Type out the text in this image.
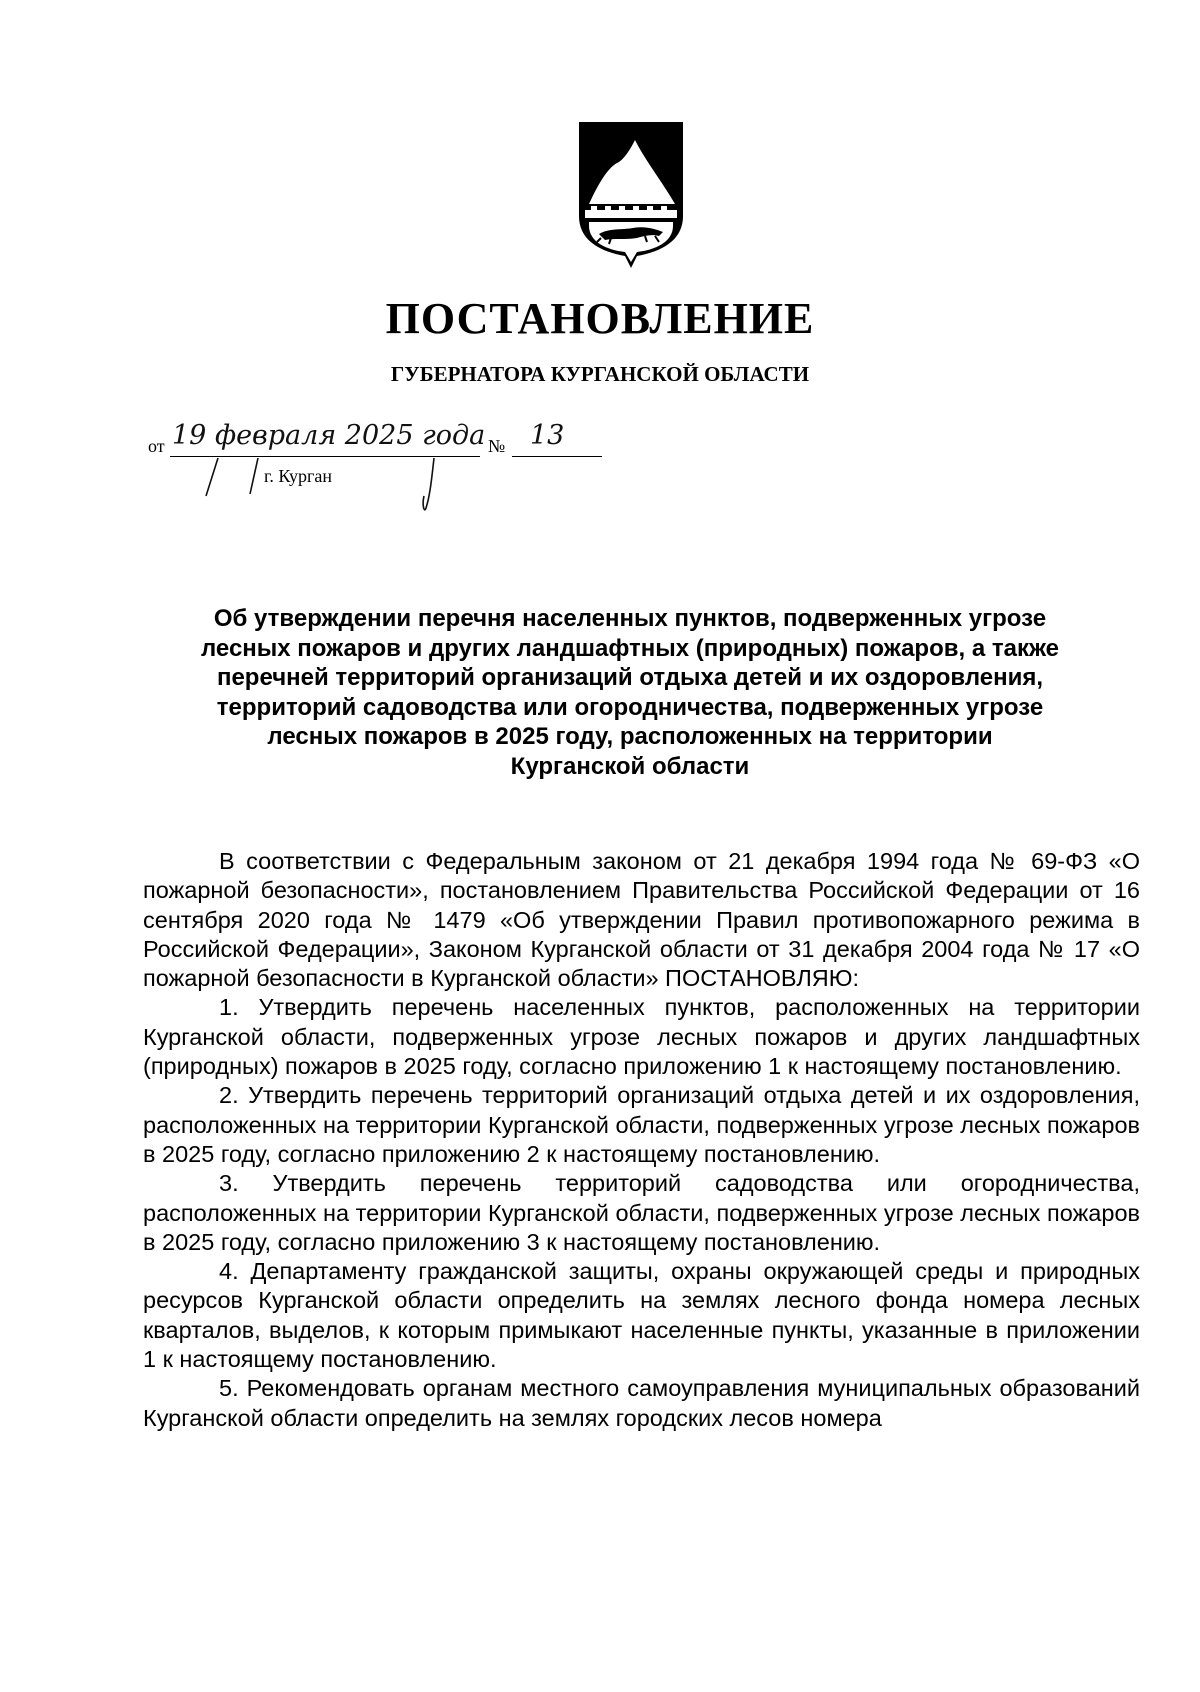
ПОСТАНОВЛЕНИЕ
ГУБЕРНАТОРА КУРГАНСКОЙ ОБЛАСТИ
от 19 февраля 2025 года № 13
г. Курган
Об утверждении перечня населенных пунктов, подверженных угрозе
лесных пожаров и других ландшафтных (природных) пожаров, а также
перечней территорий организаций отдыха детей и их оздоровления,
территорий садоводства или огородничества, подверженных угрозе
лесных пожаров в 2025 году, расположенных на территории
Курганской области

В соответствии с Федеральным законом от 21 декабря 1994 года № 69-ФЗ «О пожарной безопасности», постановлением Правительства Российской Федерации от 16 сентября 2020 года № 1479 «Об утверждении Правил противопожарного режима в Российской Федерации», Законом Курганской области от 31 декабря 2004 года № 17 «О пожарной безопасности в Курганской области» ПОСТАНОВЛЯЮ:

1. Утвердить перечень населенных пунктов, расположенных на территории Курганской области, подверженных угрозе лесных пожаров и других ландшафтных (природных) пожаров в 2025 году, согласно приложению 1 к настоящему постановлению.

2. Утвердить перечень территорий организаций отдыха детей и их оздоровления, расположенных на территории Курганской области, подверженных угрозе лесных пожаров в 2025 году, согласно приложению 2 к настоящему постановлению.

3. Утвердить перечень территорий садоводства или огородничества, расположенных на территории Курганской области, подверженных угрозе лесных пожаров в 2025 году, согласно приложению 3 к настоящему постановлению.

4. Департаменту гражданской защиты, охраны окружающей среды и природных ресурсов Курганской области определить на землях лесного фонда номера лесных кварталов, выделов, к которым примыкают населенные пункты, указанные в приложении 1 к настоящему постановлению.

5. Рекомендовать органам местного самоуправления муниципальных образований Курганской области определить на землях городских лесов номера
